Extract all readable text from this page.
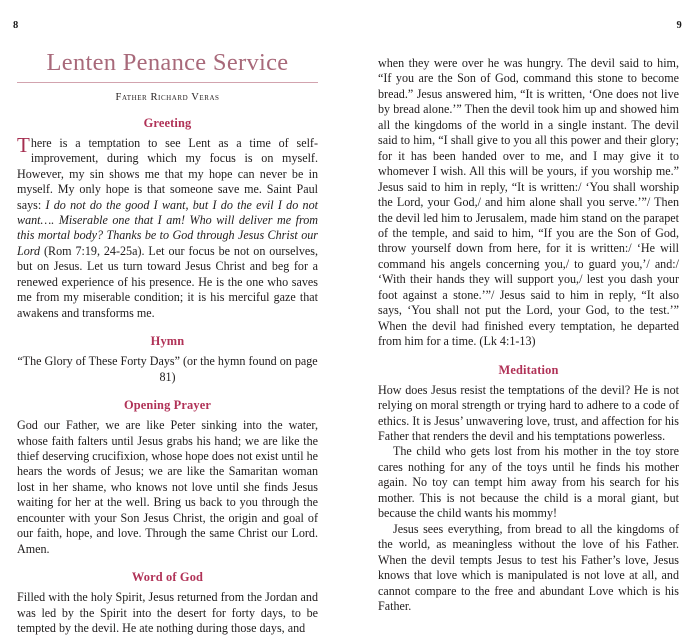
8
Lenten Penance Service
Father Richard Veras
Greeting

There is a temptation to see Lent as a time of self-improvement, during which my focus is on myself. However, my sin shows me that my hope can never be in myself. My only hope is that someone save me. Saint Paul says: I do not do the good I want, but I do the evil I do not want…. Miserable one that I am! Who will deliver me from this mortal body? Thanks be to God through Jesus Christ our Lord (Rom 7:19, 24-25a). Let our focus be not on ourselves, but on Jesus. Let us turn toward Jesus Christ and beg for a renewed experience of his presence. He is the one who saves me from my miserable condition; it is his merciful gaze that awakens and transforms me.

Hymn

“The Glory of These Forty Days” (or the hymn found on page 81)

Opening Prayer

God our Father, we are like Peter sinking into the water, whose faith falters until Jesus grabs his hand; we are like the thief deserving crucifixion, whose hope does not exist until he hears the words of Jesus; we are like the Samaritan woman lost in her shame, who knows not love until she finds Jesus waiting for her at the well. Bring us back to you through the encounter with your Son Jesus Christ, the origin and goal of our faith, hope, and love. Through the same Christ our Lord. Amen.

Word of God

Filled with the holy Spirit, Jesus returned from the Jordan and was led by the Spirit into the desert for forty days, to be tempted by the devil. He ate nothing during those days, and

9

when they were over he was hungry. The devil said to him, “If you are the Son of God, command this stone to become bread.” Jesus answered him, “It is written, ‘One does not live by bread alone.’” Then the devil took him up and showed him all the kingdoms of the world in a single instant. The devil said to him, “I shall give to you all this power and their glory; for it has been handed over to me, and I may give it to whomever I wish. All this will be yours, if you worship me.” Jesus said to him in reply, “It is written:/ ‘You shall worship the Lord, your God,/ and him alone shall you serve.’”/ Then the devil led him to Jerusalem, made him stand on the parapet of the temple, and said to him, “If you are the Son of God, throw yourself down from here, for it is written:/ ‘He will command his angels concerning you,/ to guard you,’/ and:/ ‘With their hands they will support you,/ lest you dash your foot against a stone.’”/ Jesus said to him in reply, “It also says, ‘You shall not put the Lord, your God, to the test.’” When the devil had finished every temptation, he departed from him for a time. (Lk 4:1-13)

Meditation

How does Jesus resist the temptations of the devil? He is not relying on moral strength or trying hard to adhere to a code of ethics. It is Jesus’ unwavering love, trust, and affection for his Father that renders the devil and his temptations powerless.

The child who gets lost from his mother in the toy store cares nothing for any of the toys until he finds his mother again. No toy can tempt him away from his search for his mother. This is not because the child is a moral giant, but because the child wants his mommy!

Jesus sees everything, from bread to all the kingdoms of the world, as meaningless without the love of his Father. When the devil tempts Jesus to test his Father’s love, Jesus knows that love which is manipulated is not love at all, and cannot compare to the free and abundant Love which is his Father.
